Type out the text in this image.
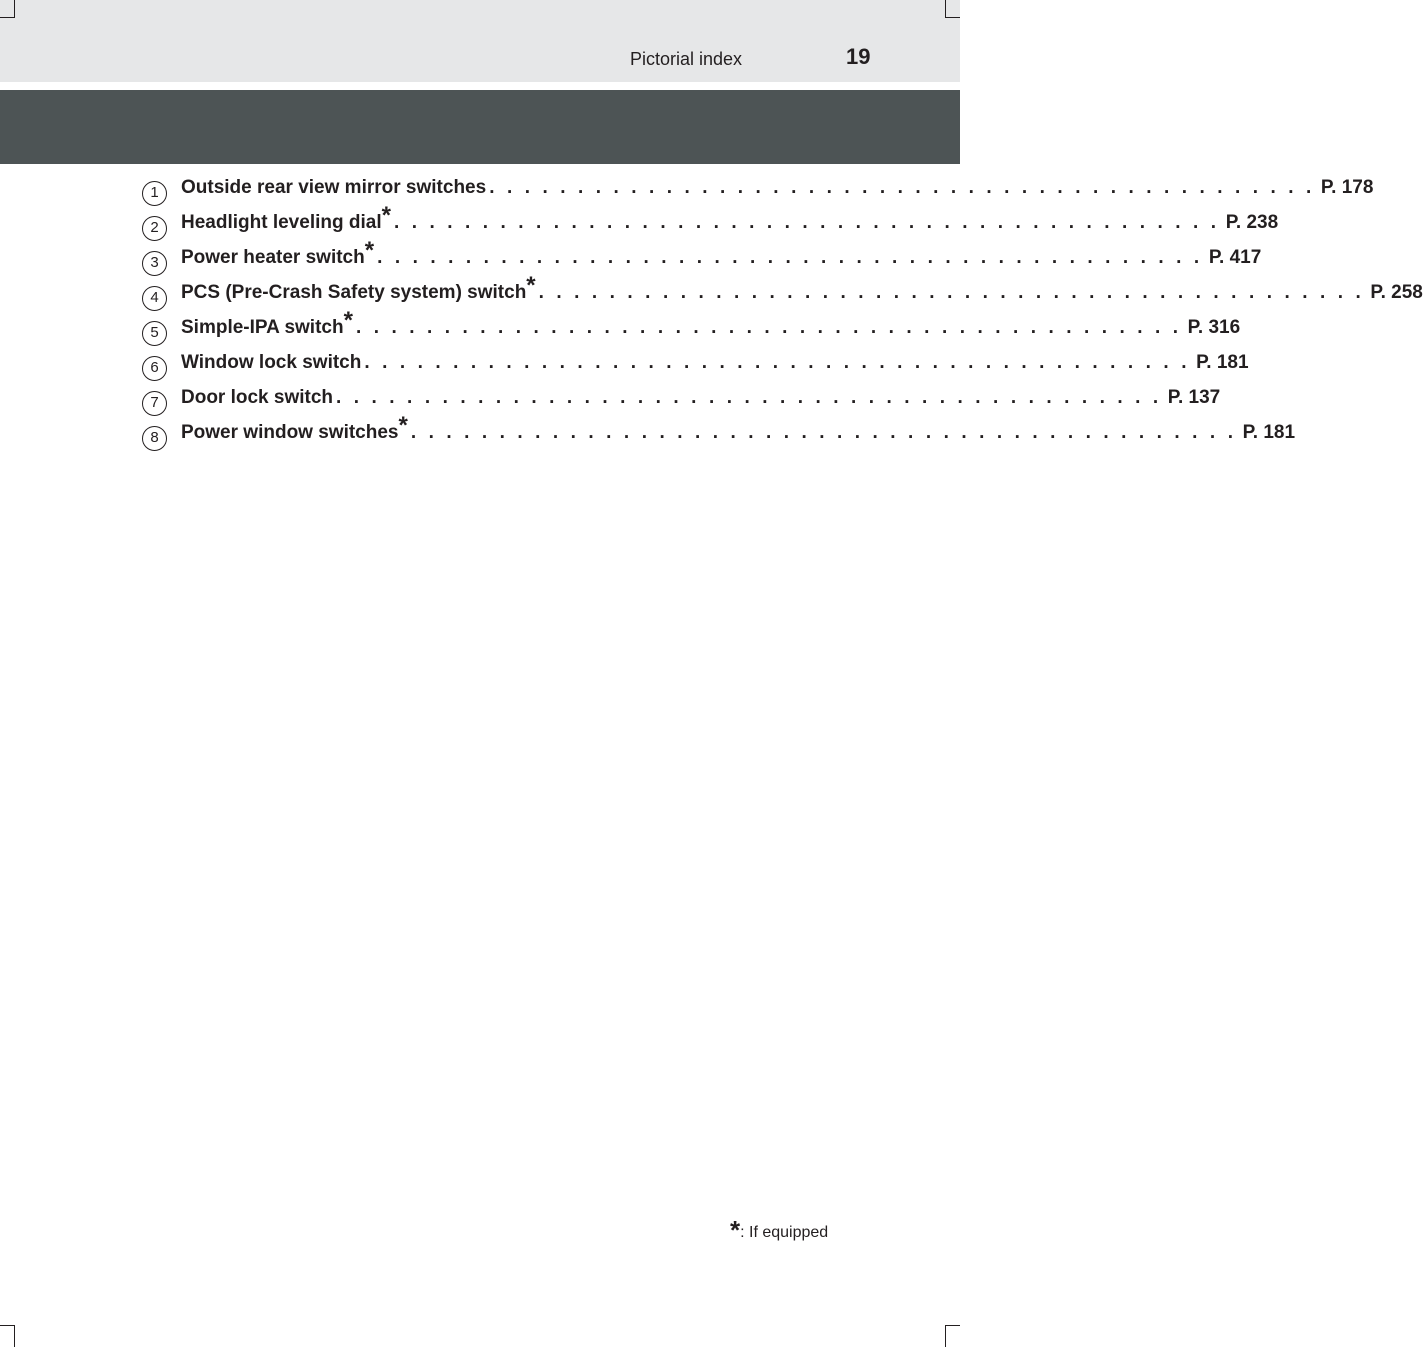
Pictorial index	19
1	Outside rear view mirror switches . . . . . . . . . . . . . . . . . . . . . . . . . . . . . . . . . . . . . . . . . . . . . . . P. 178
2	Headlight leveling dial* . . . . . . . . . . . . . . . . . . . . . . . . . . . . . . . . . . . . . . . . . . . . . . . P. 238
3	Power heater switch* . . . . . . . . . . . . . . . . . . . . . . . . . . . . . . . . . . . . . . . . . . . . . . . P. 417
4	PCS (Pre-Crash Safety system) switch* . . . . . . . . . . . . . . . . . . . . . . . . . . . . . . . . . . . . . . . . . . . . . . . P. 258
5	Simple-IPA switch* . . . . . . . . . . . . . . . . . . . . . . . . . . . . . . . . . . . . . . . . . . . . . . . P. 316
6	Window lock switch . . . . . . . . . . . . . . . . . . . . . . . . . . . . . . . . . . . . . . . . . . . . . . . P. 181
7	Door lock switch . . . . . . . . . . . . . . . . . . . . . . . . . . . . . . . . . . . . . . . . . . . . . . . P. 137
8	Power window switches* . . . . . . . . . . . . . . . . . . . . . . . . . . . . . . . . . . . . . . . . . . . . . . . P. 181
*: If equipped
